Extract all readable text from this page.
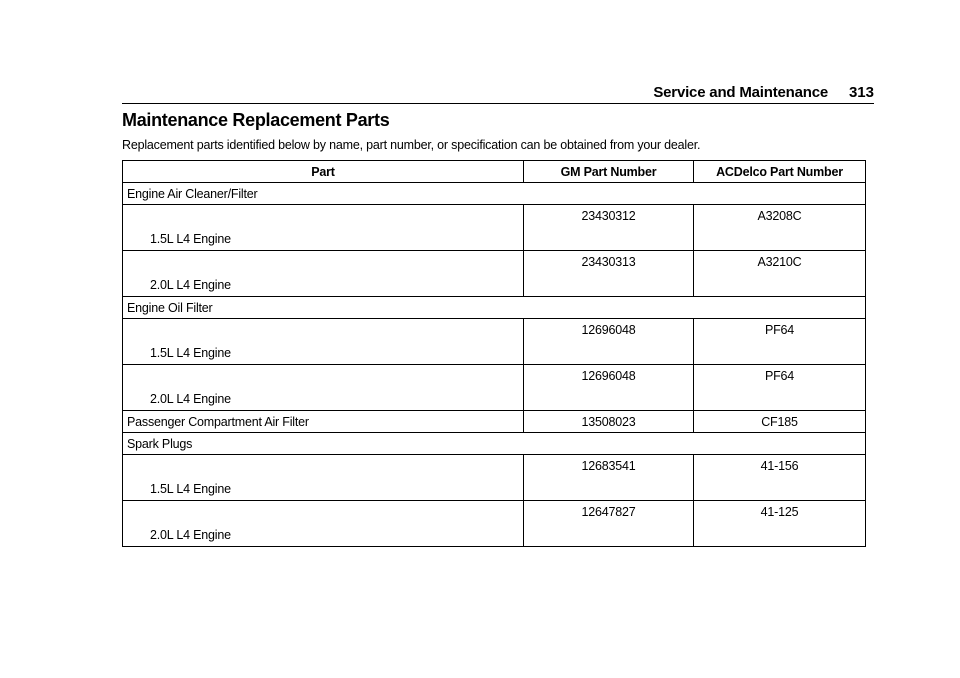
Service and Maintenance 313
Maintenance Replacement Parts
Replacement parts identified below by name, part number, or specification can be obtained from your dealer.
Part	GM Part Number	ACDelco Part Number
Engine Air Cleaner/Filter		
1.5L L4 Engine	23430312	A3208C
2.0L L4 Engine	23430313	A3210C
Engine Oil Filter		
1.5L L4 Engine	12696048	PF64
2.0L L4 Engine	12696048	PF64
Passenger Compartment Air Filter	13508023	CF185
Spark Plugs		
1.5L L4 Engine	12683541	41-156
2.0L L4 Engine	12647827	41-125
